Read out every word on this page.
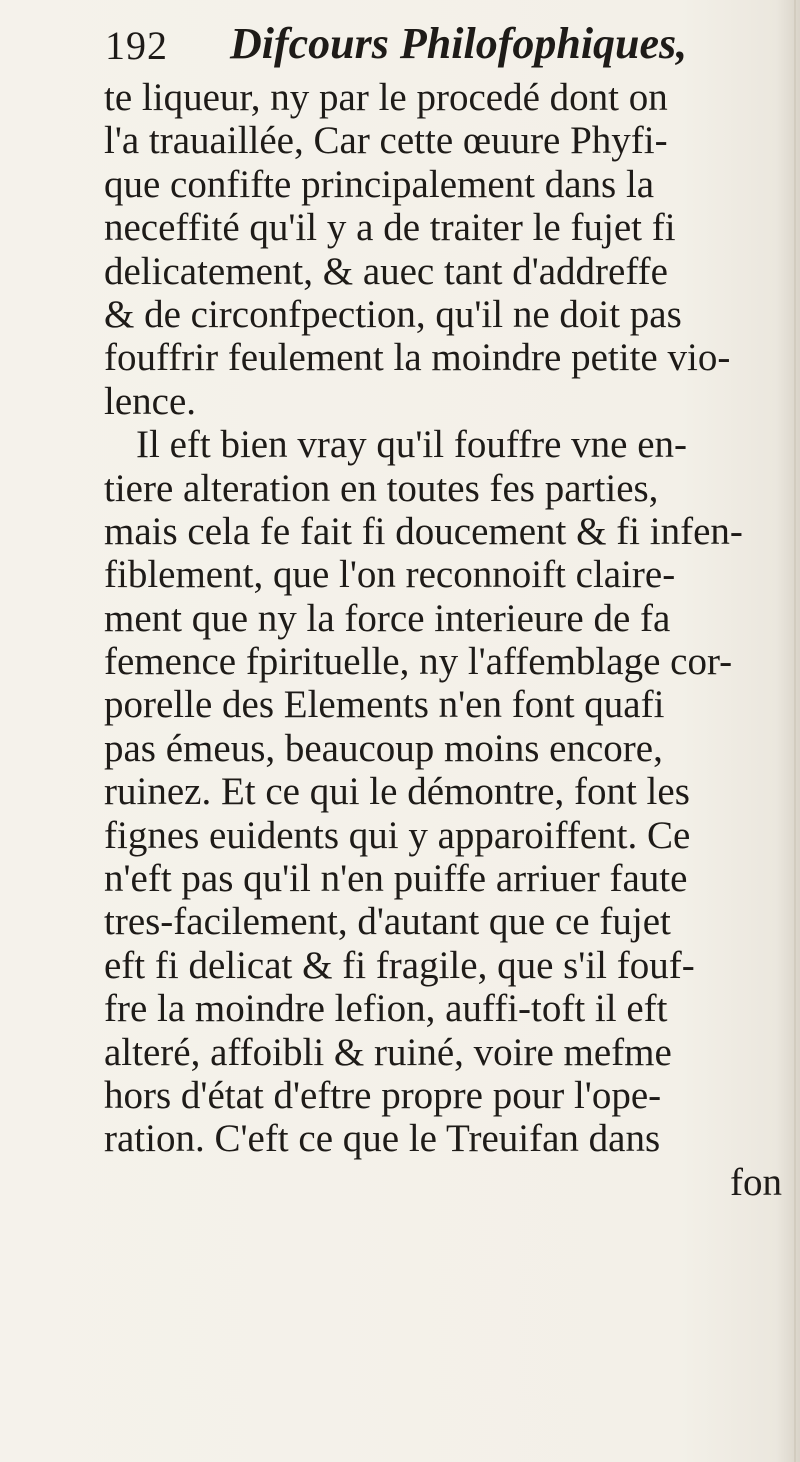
192 Difcours Philofophiques,
te liqueur, ny par le procedé dont on
l'a trauaillée, Car cette œuure Phyfi-
que confifte principalement dans la
neceffité qu'il y a de traiter le fujet fi
delicatement, & auec tant d'addreffe
& de circonfpection, qu'il ne doit pas
fouffrir feulement la moindre petite vio-
lence.
Il eft bien vray qu'il fouffre vne en-
tiere alteration en toutes fes parties,
mais cela fe fait fi doucement & fi infen-
fiblement, que l'on reconnoift claire-
ment que ny la force interieure de fa
femence fpirituelle, ny l'affemblage cor-
porelle des Elements n'en font quafi
pas émeus, beaucoup moins encore,
ruinez. Et ce qui le démontre, font les
fignes euidents qui y apparoiffent. Ce
n'eft pas qu'il n'en puiffe arriuer faute
tres-facilement, d'autant que ce fujet
eft fi delicat & fi fragile, que s'il fouf-
fre la moindre lefion, auffi-toft il eft
alteré, affoibli & ruiné, voire mefme
hors d'état d'eftre propre pour l'ope-
ration. C'eft ce que le Treuifan dans
fon
